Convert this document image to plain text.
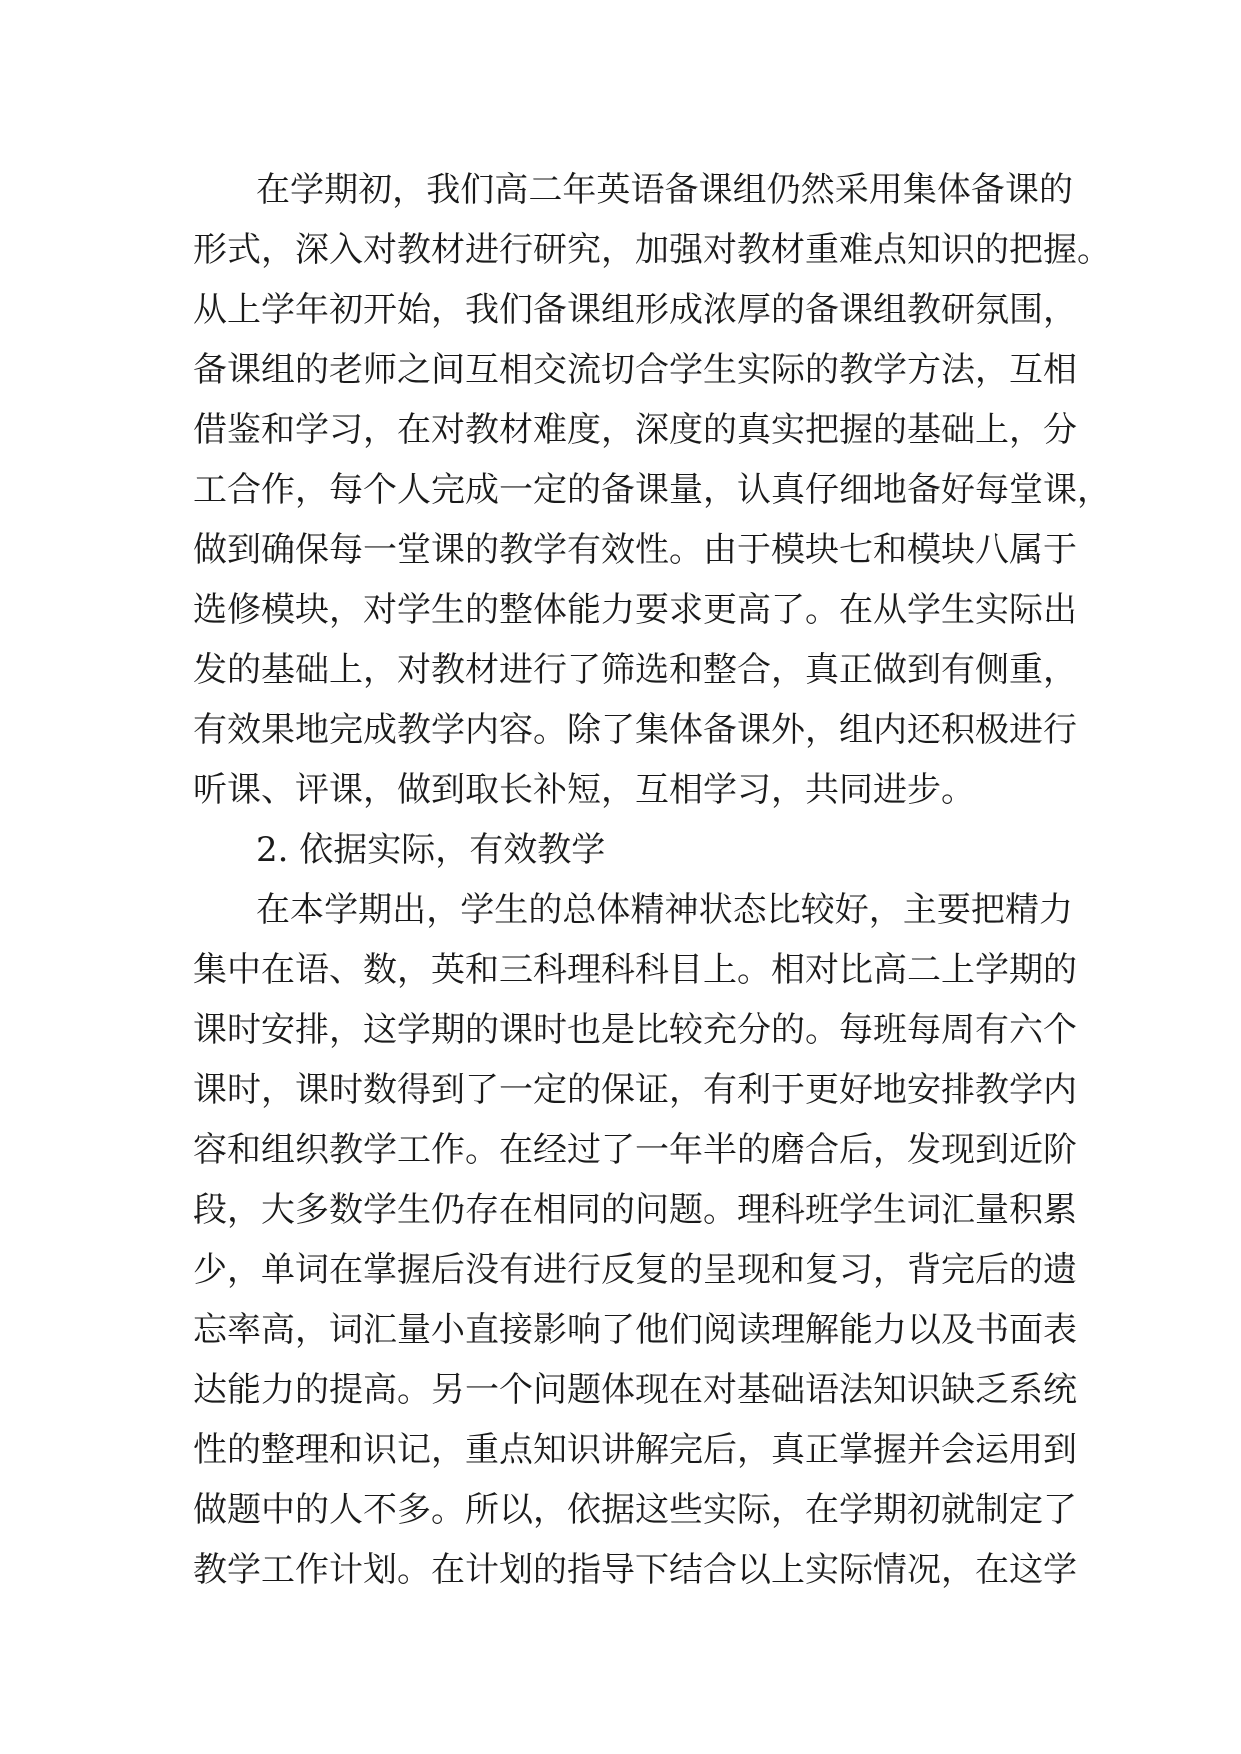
在学期初，我们高二年英语备课组仍然采用集体备课的
形式，深入对教材进行研究，加强对教材重难点知识的把握。
从上学年初开始，我们备课组形成浓厚的备课组教研氛围，
备课组的老师之间互相交流切合学生实际的教学方法，互相
借鉴和学习，在对教材难度，深度的真实把握的基础上，分
工合作，每个人完成一定的备课量，认真仔细地备好每堂课，
做到确保每一堂课的教学有效性。由于模块七和模块八属于
选修模块，对学生的整体能力要求更高了。在从学生实际出
发的基础上，对教材进行了筛选和整合，真正做到有侧重，
有效果地完成教学内容。除了集体备课外，组内还积极进行
听课、评课，做到取长补短，互相学习，共同进步。
2. 依据实际，有效教学
在本学期出，学生的总体精神状态比较好，主要把精力
集中在语、数，英和三科理科科目上。相对比高二上学期的
课时安排，这学期的课时也是比较充分的。每班每周有六个
课时，课时数得到了一定的保证，有利于更好地安排教学内
容和组织教学工作。在经过了一年半的磨合后，发现到近阶
段，大多数学生仍存在相同的问题。理科班学生词汇量积累
少，单词在掌握后没有进行反复的呈现和复习，背完后的遗
忘率高，词汇量小直接影响了他们阅读理解能力以及书面表
达能力的提高。另一个问题体现在对基础语法知识缺乏系统
性的整理和识记，重点知识讲解完后，真正掌握并会运用到
做题中的人不多。所以，依据这些实际，在学期初就制定了
教学工作计划。在计划的指导下结合以上实际情况，在这学
